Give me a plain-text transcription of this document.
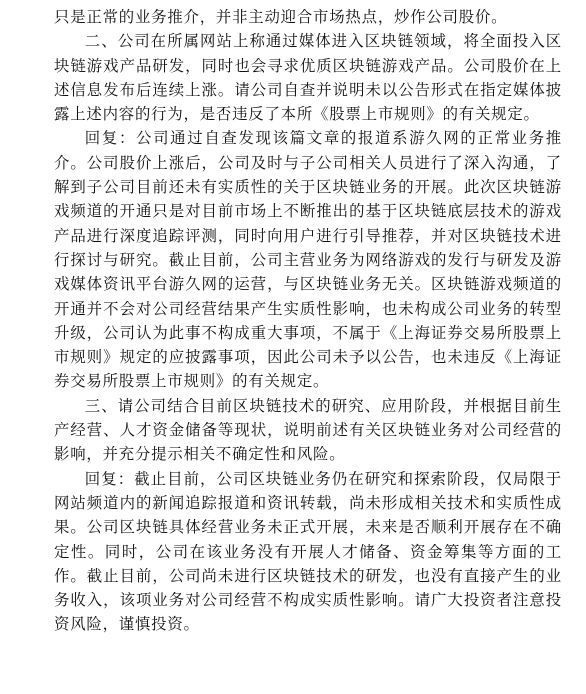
只是正常的业务推介，并非主动迎合市场热点，炒作公司股价。

二、公司在所属网站上称通过媒体进入区块链领域，将全面投入区块链游戏产品研发，同时也会寻求优质区块链游戏产品。公司股价在上述信息发布后连续上涨。请公司自查并说明未以公告形式在指定媒体披露上述内容的行为，是否违反了本所《股票上市规则》的有关规定。

回复：公司通过自查发现该篇文章的报道系游久网的正常业务推介。公司股价上涨后，公司及时与子公司相关人员进行了深入沟通，了解到子公司目前还未有实质性的关于区块链业务的开展。此次区块链游戏频道的开通只是对目前市场上不断推出的基于区块链底层技术的游戏产品进行深度追踪评测，同时向用户进行引导推荐，并对区块链技术进行探讨与研究。截止目前，公司主营业务为网络游戏的发行与研发及游戏媒体资讯平台游久网的运营，与区块链业务无关。区块链游戏频道的开通并不会对公司经营结果产生实质性影响，也未构成公司业务的转型升级，公司认为此事不构成重大事项，不属于《上海证券交易所股票上市规则》规定的应披露事项，因此公司未予以公告，也未违反《上海证券交易所股票上市规则》的有关规定。

三、请公司结合目前区块链技术的研究、应用阶段，并根据目前生产经营、人才资金储备等现状，说明前述有关区块链业务对公司经营的影响，并充分提示相关不确定性和风险。

回复：截止目前，公司区块链业务仍在研究和探索阶段，仅局限于网站频道内的新闻追踪报道和资讯转载，尚未形成相关技术和实质性成果。公司区块链具体经营业务未正式开展，未来是否顺利开展存在不确定性。同时，公司在该业务没有开展人才储备、资金筹集等方面的工作。截止目前，公司尚未进行区块链技术的研发，也没有直接产生的业务收入，该项业务对公司经营不构成实质性影响。请广大投资者注意投资风险，谨慎投资。
